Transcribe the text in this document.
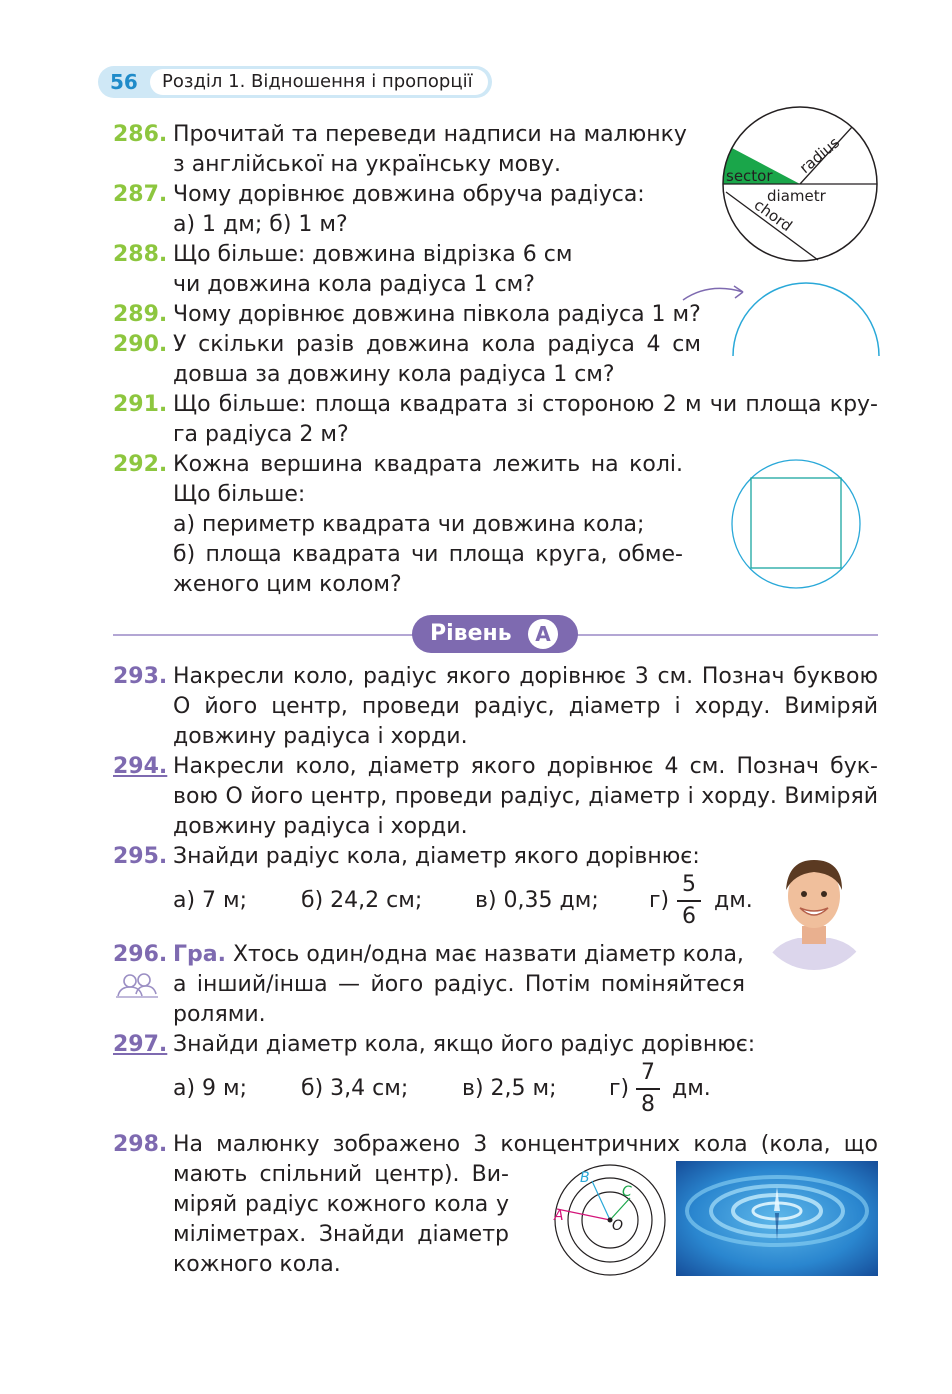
56 Розділ 1. Відношення і пропорції
286. Прочитай та переведи надписи на малюнку
з англійської на українську мову.
287. Чому дорівнює довжина обруча радіуса:
а) 1 дм; б) 1 м?
288. Що більше: довжина відрізка 6 см
чи довжина кола радіуса 1 см?
289. Чому дорівнює довжина півкола радіуса 1 м?
290. У скільки разів довжина кола радіуса 4 см
довша за довжину кола радіуса 1 см?
291. Що більше: площа квадрата зі стороною 2 м чи площа кру-
га радіуса 2 м?
292. Кожна вершина квадрата лежить на колі.
Що більше:
а) периметр квадрата чи довжина кола;
б) площа квадрата чи площа круга, обме-
женого цим колом?
sector radius
diametr
chord
Рівень	A
293. Накресли коло, радіус якого дорівнює 3 см. Познач буквою
O його центр, проведи радіус, діаметр і хорду. Виміряй
довжину радіуса і хорди.
294. Накресли коло, діаметр якого дорівнює 4 см. Познач бук-
вою O його центр, проведи радіус, діаметр і хорду. Виміряй
довжину радіуса і хорди.
295. Знайди радіус кола, діаметр якого дорівнює:
а) 7 м; б) 24,2 см; в) 0,35 дм; г)
5
6
дм.
296. Гра. Хтось один/одна має назвати діаметр кола,
а інший/інша — його радіус. Потім поміняйтеся
ролями.
297. Знайди діаметр кола, якщо його радіус дорівнює:
а) 9 м; б) 3,4 см; в) 2,5 м; г)
7
8
дм.
298. На малюнку зображено 3 концентричних кола (кола, що
мають спільний центр). Ви-
міряй радіус кожного кола у
міліметрах. Знайди діаметр
кожного кола.
A
B
C
O
